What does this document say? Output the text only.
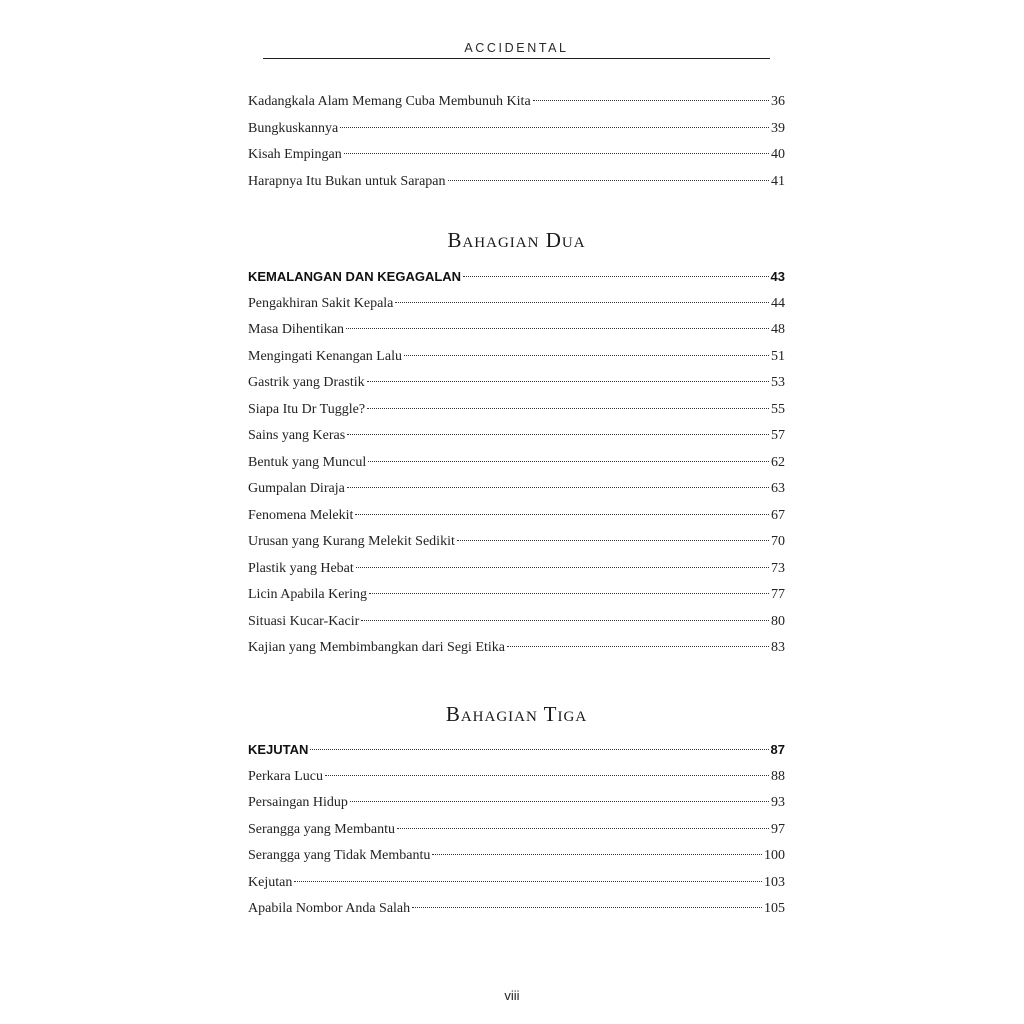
ACCIDENTAL
Kadangkala Alam Memang Cuba Membunuh Kita	36
Bungkuskannya	39
Kisah Empingan	40
Harapnya Itu Bukan untuk Sarapan	41
Bahagian Dua
KEMALANGAN DAN KEGAGALAN	43
Pengakhiran Sakit Kepala	44
Masa Dihentikan	48
Mengingati Kenangan Lalu	51
Gastrik yang Drastik	53
Siapa Itu Dr Tuggle?	55
Sains yang Keras	57
Bentuk yang Muncul	62
Gumpalan Diraja	63
Fenomena Melekit	67
Urusan yang Kurang Melekit Sedikit	70
Plastik yang Hebat	73
Licin Apabila Kering	77
Situasi Kucar-Kacir	80
Kajian yang Membimbangkan dari Segi Etika	83
Bahagian Tiga
KEJUTAN	87
Perkara Lucu	88
Persaingan Hidup	93
Serangga yang Membantu	97
Serangga yang Tidak Membantu	100
Kejutan	103
Apabila Nombor Anda Salah	105
viii
